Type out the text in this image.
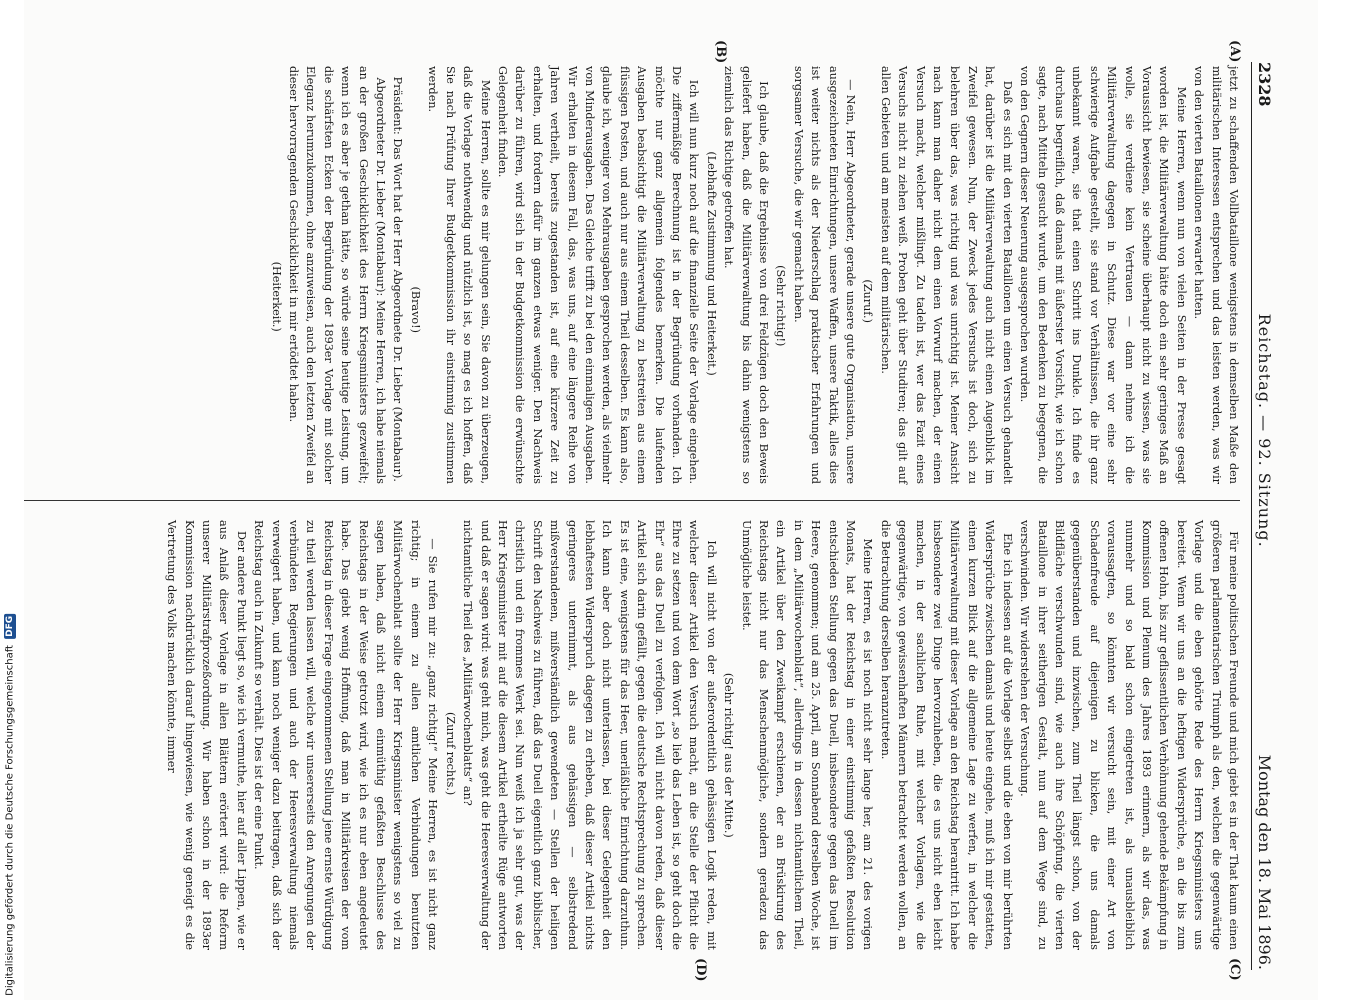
2328
Reichstag. — 92. Sitzung.
Montag den 18. Mai 1896.
(A)
(B)
(C)
(D)
jetzt zu schaffenden Vollbataillone wenigstens in demselben Maße den militärischen Interessen entsprechen und das leisten werden, was wir von den vierten Bataillonen erwartet hatten.
Meine Herren, wenn nun von vielen Seiten in der Presse gesagt worden ist, die Militärverwaltung hätte doch ein sehr geringes Maß an Voraussicht bewiesen, sie scheine überhaupt nicht zu wissen, was sie wolle, sie verdiene kein Vertrauen — dann nehme ich die Militärverwaltung dagegen in Schutz. Diese war vor eine sehr schwierige Aufgabe gestellt, sie stand vor Verhältnissen, die ihr ganz unbekannt waren, sie that einen Schritt ins Dunkle. Ich finde es durchaus begreiflich, daß damals mit äußerster Vorsicht, wie ich schon sagte, nach Mitteln gesucht wurde, um den Bedenken zu begegnen, die von den Gegnern dieser Neuerung ausgesprochen wurden.
Daß es sich mit den vierten Bataillonen um einen Versuch gehandelt hat, darüber ist die Militärverwaltung auch nicht einen Augenblick im Zweifel gewesen. Nun, der Zweck jedes Versuchs ist doch, sich zu belehren über das, was richtig und was unrichtig ist. Meiner Ansicht nach kann man daher nicht dem einen Vorwurf machen, der einen Versuch macht, welcher mißlingt. Zu tadeln ist, wer das Fazit eines Versuchs nicht zu ziehen weiß. Proben geht über Studiren; das gilt auf allen Gebieten und am meisten auf dem militärischen.
(Zuruf.)
— Nein, Herr Abgeordneter, gerade unsere gute Organisation, unsere ausgezeichneten Einrichtungen, unsere Waffen, unsere Taktik, alles dies ist weiter nichts als der Niederschlag praktischer Erfahrungen und sorgsamer Versuche, die wir gemacht haben.
(Sehr richtig!)
Ich glaube, daß die Ergebnisse von drei Feldzügen doch den Beweis geliefert haben, daß die Militärverwaltung bis dahin wenigstens so ziemlich das Richtige getroffen hat.
(Lebhafte Zustimmung und Heiterkeit.)
Ich will nun kurz noch auf die finanzielle Seite der Vorlage eingehen. Die ziffermäßige Berechnung ist in der Begründung vorhanden. Ich möchte nur ganz allgemein folgendes bemerken. Die laufenden Ausgaben beabsichtigt die Militärverwaltung zu bestreiten aus einem flüssigen Posten, und auch nur aus einem Theil desselben. Es kann also, glaube ich, weniger von Mehrausgaben gesprochen werden, als vielmehr von Minderausgaben. Das Gleiche trifft zu bei den einmaligen Ausgaben. Wir erhalten in diesem Fall, das, was uns, auf eine längere Reihe von Jahren vertheilt, bereits zugestanden ist, auf eine kürzere Zeit zu erhalten, und fordern dafür im ganzen etwas weniger. Den Nachweis darüber zu führen, wird sich in der Budgetkommission die erwünschte Gelegenheit finden.
Meine Herren, sollte es mir gelungen sein, Sie davon zu überzeugen, daß die Vorlage nothwendig und nützlich ist, so mag es ich hoffen, daß Sie nach Prüfung Ihrer Budgetkommission ihr einstimmig zustimmen werden.
(Bravo!)
Präsident: Das Wort hat der Herr Abgeordnete Dr. Lieber (Montabaur).
Abgeordneter Dr. Lieber (Montabaur): Meine Herren, ich habe niemals an der großen Geschicklichkeit des Herrn Kriegsministers gezweifelt; wenn ich es aber je gethan hätte, so würde seine heutige Leistung, um die schärfsten Ecken der Begründung der 1893er Vorlage mit solcher Eleganz herumzukommen, ohne anzuweisen, auch den letzten Zweifel an dieser hervorragenden Geschicklichkeit in mir ertödtet haben.
(Heiterkeit.)
Für meine politischen Freunde und mich giebt es in der That kaum einen größeren parlamentarischen Triumph als den, welchen die gegenwärtige Vorlage und die eben gehörte Rede des Herrn Kriegsministers uns bereitet. Wenn wir uns an die heftigen Widersprüche, an die bis zum offenen Hohn, bis zur geflissentlichen Verhöhnung gehende Bekämpfung in Kommission und Plenum des Jahres 1893 erinnern, als wir das, was nunmehr und so bald schon eingetreten ist, als unausbleiblich voraussagten, so könnten wir versucht sein, mit einer Art von Schadenfreude auf diejenigen zu blicken, die uns damals gegenüberstanden und inzwischen, zum Theil längst schon, von der Bildfläche verschwunden sind, wie auch ihre Schöpfung, die vierten Bataillone in ihrer seitherigen Gestalt, nun auf dem Wege sind, zu verschwinden. Wir widerstehen der Versuchung.
Ehe ich indessen auf die Vorlage selbst und die eben von mir berührten Widersprüche zwischen damals und heute eingehe, muß ich mir gestatten, einen kurzen Blick auf die allgemeine Lage zu werfen, in welcher die Militärverwaltung mit dieser Vorlage an den Reichstag herantritt. Ich habe insbesondere zwei Dinge hervorzuheben, die es uns nicht eben leicht machen, in der sachlichen Ruhe, mit welcher Vorlagen, wie die gegenwärtige, von gewissenhaften Männern betrachtet werden wollen, an die Betrachtung derselben heranzutreten.
Meine Herren, es ist noch nicht sehr lange her, am 21. des vorigen Monats, hat der Reichstag in einer einstimmig gefaßten Resolution entschieden Stellung gegen das Duell, insbesondere gegen das Duell im Heere, genommen; und am 25. April, am Sonnabend derselben Woche, ist in dem „Militärwochenblatt“, allerdings in dessen nichtamtlichem Theil, ein Artikel über den Zweikampf erschienen, der an Brüskirung des Reichstags nicht nur das Menschenmögliche, sondern geradezu das Unmögliche leistet.
(Sehr richtig! aus der Mitte.)
Ich will nicht von der außerordentlich gehässigen Logik reden, mit welcher dieser Artikel den Versuch macht, an die Stelle der Pflicht die Ehre zu setzen und von dem Wort „so lieb das Leben ist, so geht doch die Ehr“ aus das Duell zu verfolgen. Ich will nicht davon reden, daß dieser Artikel sich darin gefällt, gegen die deutsche Rechtsprechung zu sprechen. Es ist eine, wenigstens für das Heer, unerläßliche Einrichtung darzuthun. Ich kann aber doch nicht unterlassen, bei dieser Gelegenheit den lebhaftesten Widerspruch dagegen zu erheben, daß dieser Artikel nichts geringeres unternimmt, als aus gehässigen — selbstredend mißverstandenen, mißverständlich gewendeten — Stellen der heiligen Schrift den Nachweis zu führen, daß das Duell eigentlich ganz biblischer, christlich und ein frommes Werk sei. Nun weiß ich ja sehr gut, was der Herr Kriegsminister mit auf die diesem Artikel ertheilte Rüge antworten und daß er sagen wird: was geht mich, was geht die Heeresverwaltung der nichtamtliche Theil des „Militärwochenblatts“ an?
(Zuruf rechts.)
— Sie rufen mir zu: „ganz richtig!“ Meine Herren, es ist nicht ganz richtig; in einem zu allen amtlichen Verbindungen benutzten Militärwochenblatt sollte der Herr Kriegsminister wenigstens so viel zu sagen haben, daß nicht einem einmüthig gefaßten Beschlusse des Reichstags in der Weise getrotzt wird, wie ich es nur eben angedeutet habe. Das giebt wenig Hoffnung, daß man in Militärkreisen der vom Reichstag in dieser Frage eingenommenen Stellung jene ernste Würdigung zu theil werden lassen will, welche wir unsererseits den Anregungen der verbündeten Regierungen und auch der Heeresverwaltung niemals verweigert haben, und kann noch weniger dazu beitragen, daß sich der Reichstag auch in Zukunft so verhält. Dies ist der eine Punkt.
Der andere Punkt liegt so, wie ich vermuthe, hier auf aller Lippen, wie er aus Anlaß dieser Vorlage in allen Blättern erörtert wird: die Reform unserer Militärstrafprozeßordnung. Wir haben schon in der 1893er Kommission nachdrücklich darauf hingewiesen, wie wenig geneigt es die Vertretung des Volks machen könnte, immer
Digitalisierung gefördert durch die Deutsche Forschungsgemeinschaft
DFG
